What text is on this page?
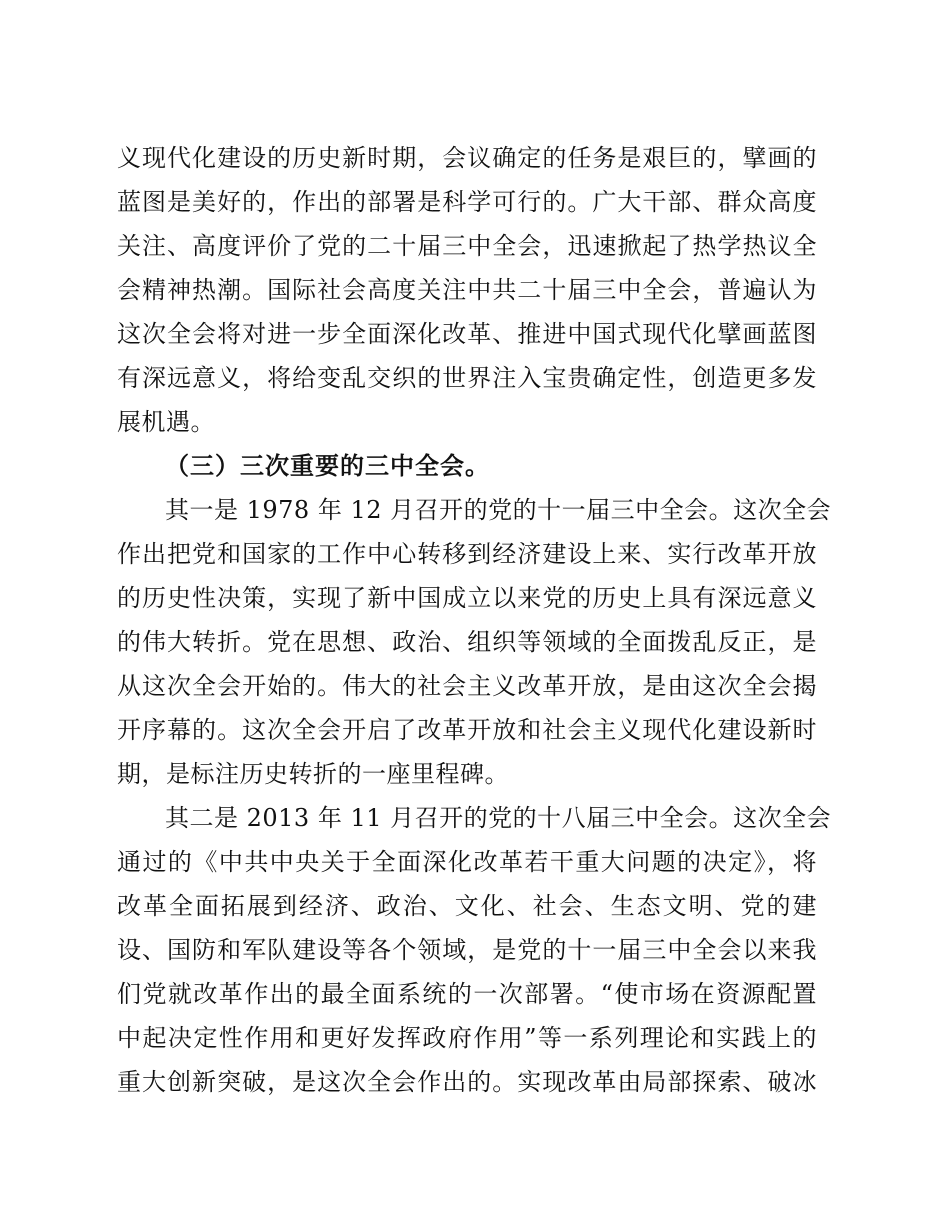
义现代化建设的历史新时期，会议确定的任务是艰巨的，擘画的
蓝图是美好的，作出的部署是科学可行的。广大干部、群众高度
关注、高度评价了党的二十届三中全会，迅速掀起了热学热议全
会精神热潮。国际社会高度关注中共二十届三中全会，普遍认为
这次全会将对进一步全面深化改革、推进中国式现代化擘画蓝图
有深远意义，将给变乱交织的世界注入宝贵确定性，创造更多发
展机遇。
（三）三次重要的三中全会。
其一是 1978 年 12 月召开的党的十一届三中全会。这次全会
作出把党和国家的工作中心转移到经济建设上来、实行改革开放
的历史性决策，实现了新中国成立以来党的历史上具有深远意义
的伟大转折。党在思想、政治、组织等领域的全面拨乱反正，是
从这次全会开始的。伟大的社会主义改革开放，是由这次全会揭
开序幕的。这次全会开启了改革开放和社会主义现代化建设新时
期，是标注历史转折的一座里程碑。
其二是 2013 年 11 月召开的党的十八届三中全会。这次全会
通过的《中共中央关于全面深化改革若干重大问题的决定》，将
改革全面拓展到经济、政治、文化、社会、生态文明、党的建
设、国防和军队建设等各个领域，是党的十一届三中全会以来我
们党就改革作出的最全面系统的一次部署。“使市场在资源配置
中起决定性作用和更好发挥政府作用”等一系列理论和实践上的
重大创新突破，是这次全会作出的。实现改革由局部探索、破冰
